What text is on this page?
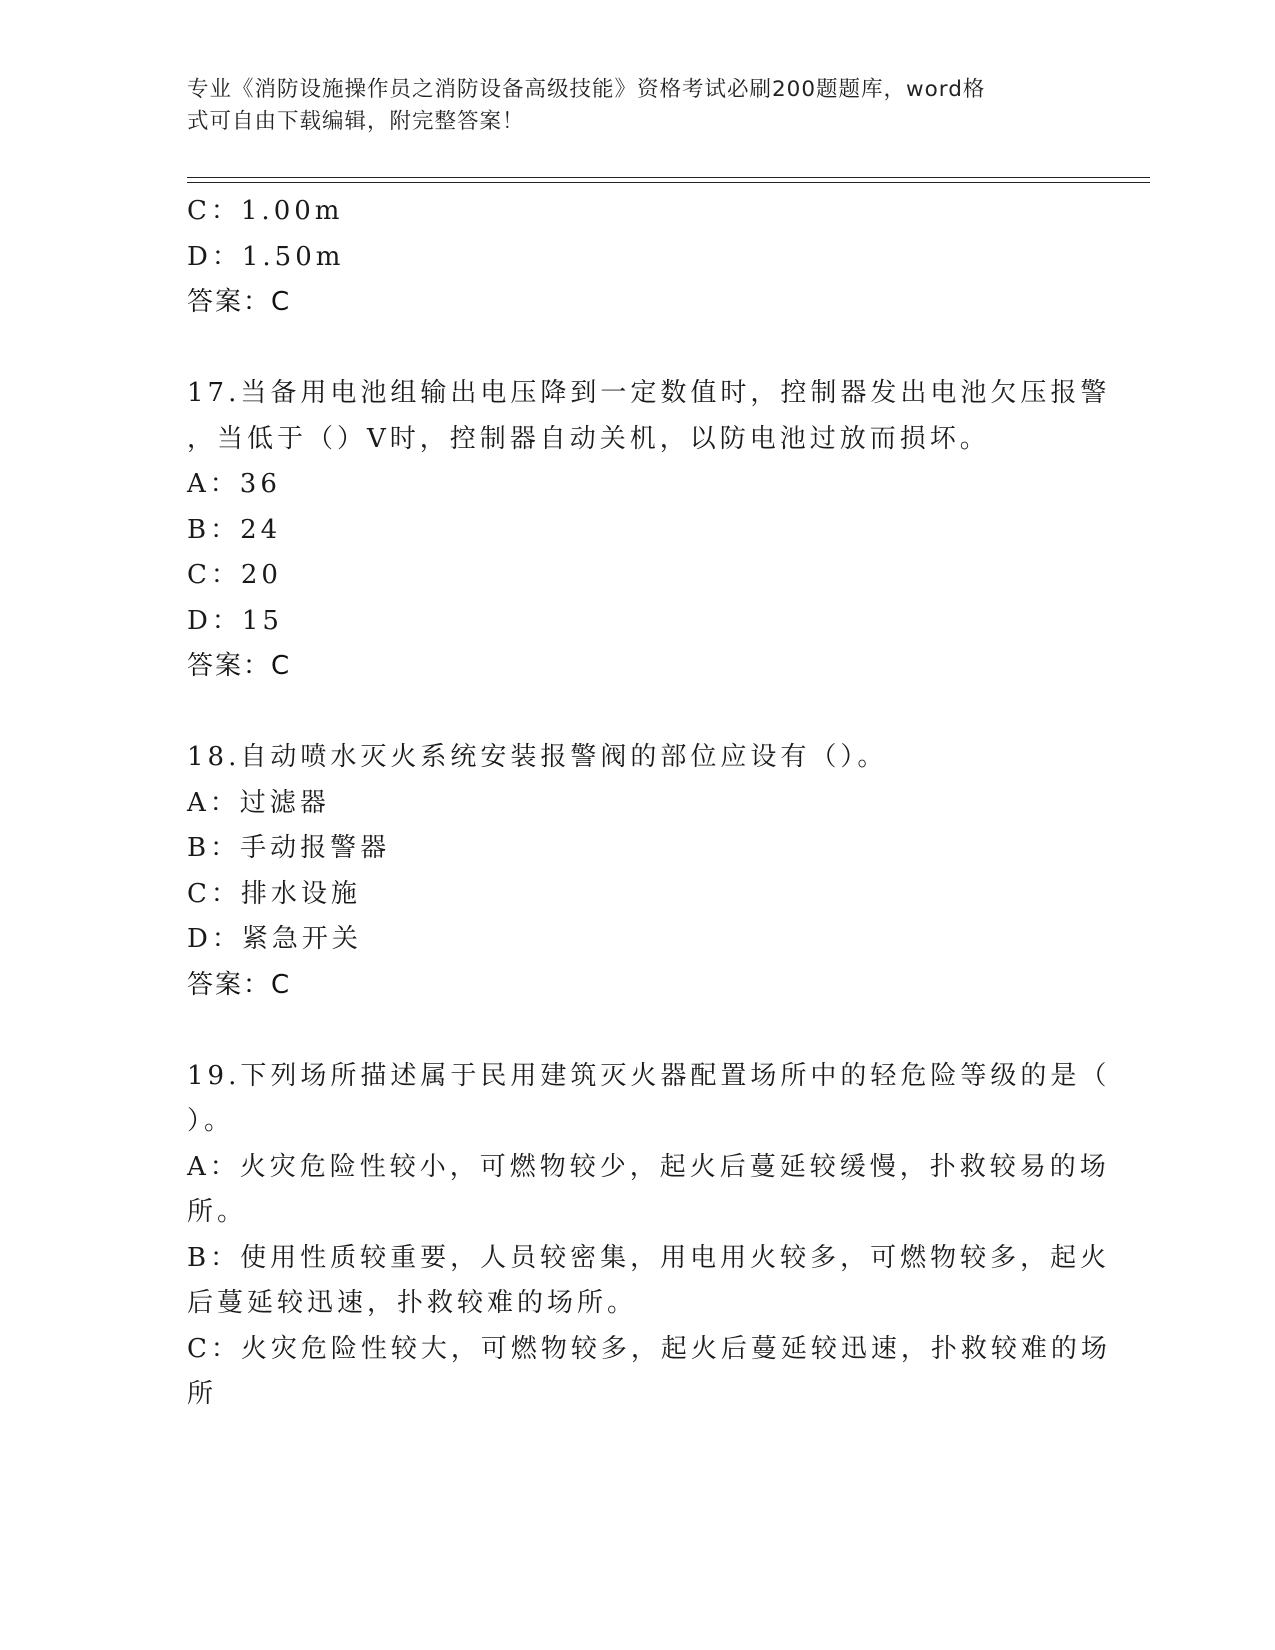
专业《消防设施操作员之消防设备高级技能》资格考试必刷200题题库，word格
式可自由下载编辑，附完整答案！
C：1.00m
D：1.50m
答案：C
17.当备用电池组输出电压降到一定数值时，控制器发出电池欠压报警
，当低于（）V时，控制器自动关机，以防电池过放而损坏。
A：36
B：24
C：20
D：15
答案：C
18.自动喷水灭火系统安装报警阀的部位应设有（）。
A：过滤器
B：手动报警器
C：排水设施
D：紧急开关
答案：C
19.下列场所描述属于民用建筑灭火器配置场所中的轻危险等级的是（
）。
A：火灾危险性较小，可燃物较少，起火后蔓延较缓慢，扑救较易的场
所。
B：使用性质较重要，人员较密集，用电用火较多，可燃物较多，起火
后蔓延较迅速，扑救较难的场所。
C：火灾危险性较大，可燃物较多，起火后蔓延较迅速，扑救较难的场
所
